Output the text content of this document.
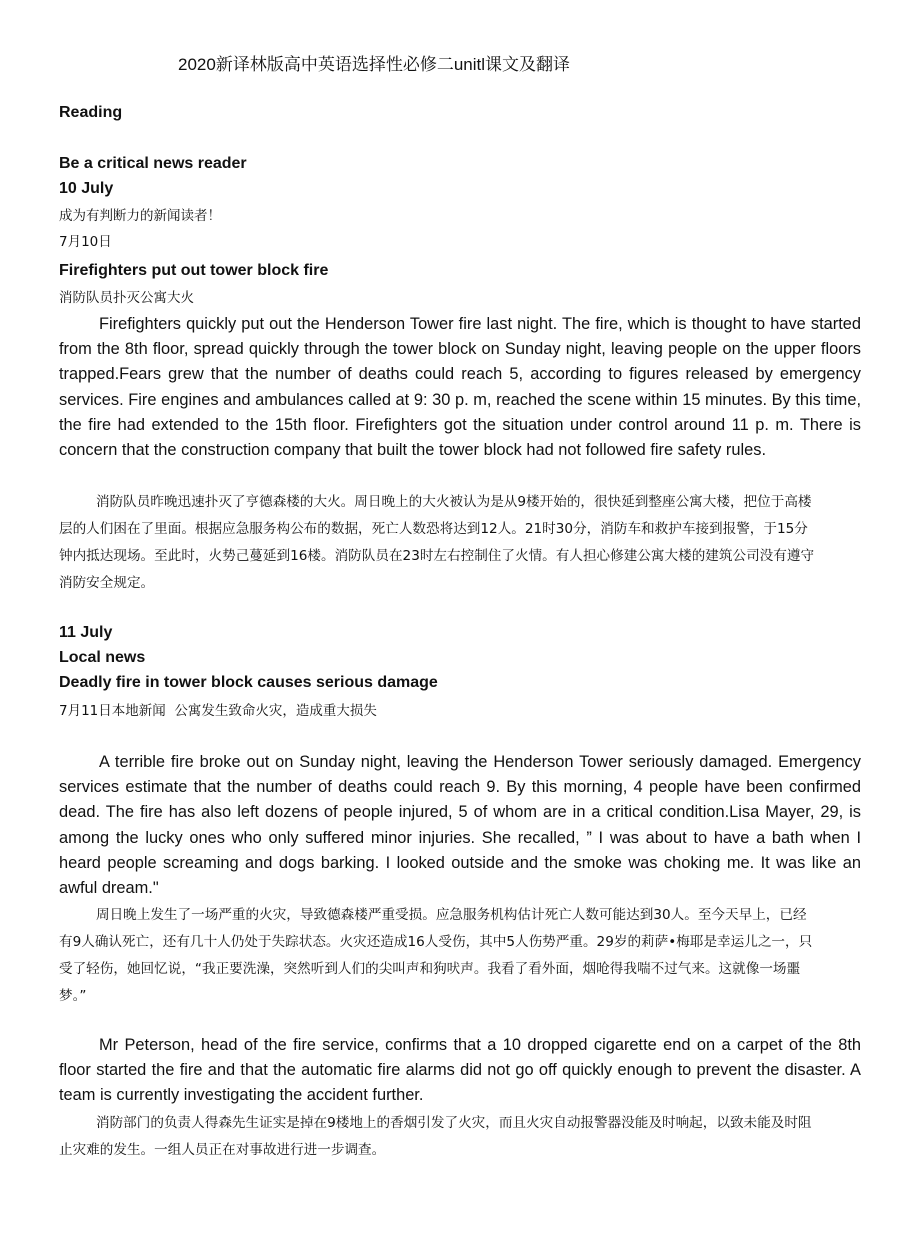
2020新译林版高中英语选择性必修二unitl课文及翻译

Reading
Be a critical news reader
10 July
成为有判断力的新闻读者！
7月10日
Firefighters put out tower block fire
消防队员扑灭公寓大火

Firefighters quickly put out the Henderson Tower fire last night. The fire, which is thought to have started from the 8th floor, spread quickly through the tower block on Sunday night, leaving people on the upper floors trapped.Fears grew that the number of deaths could reach 5, according to figures released by emergency services. Fire engines and ambulances called at 9: 30 p. m, reached the scene within 15 minutes. By this time, the fire had extended to the 15th floor. Firefighters got the situation under control around 11 p. m. There is concern that the construction company that built the tower block had not followed fire safety rules.

消防队员昨晚迅速扑灭了亨德森楼的大火。周日晚上的大火被认为是从9楼开始的，很快延到整座公寓大楼，把位于高楼层的人们困在了里面。根据应急服务构公布的数据，死亡人数恐将达到12人。21时30分，消防车和救护车接到报警，于15分钟内抵达现场。至此时，火势己蔓延到16楼。消防队员在23时左右控制住了火情。有人担心修建公寓大楼的建筑公司没有遵守消防安全规定。

11 July
Local news
Deadly fire in tower block causes serious damage
7月11日本地新闻  公寓发生致命火灾，造成重大损失

A terrible fire broke out on Sunday night, leaving the Henderson Tower seriously damaged. Emergency services estimate that the number of deaths could reach 9. By this morning, 4 people have been confirmed dead. The fire has also left dozens of people injured, 5 of whom are in a critical condition.Lisa Mayer, 29, is among the lucky ones who only suffered minor injuries. She recalled, ” I was about to have a bath when I heard people screaming and dogs barking. I looked outside and the smoke was choking me. It was like an awful dream."

周日晚上发生了一场严重的火灾，导致德森楼严重受损。应急服务机构估计死亡人数可能达到30人。至今天早上，已经有9人确认死亡，还有几十人仍处于失踪状态。火灾还造成16人受伤，其中5人伤势严重。29岁的莉萨•梅耶是幸运儿之一，只受了轻伤，她回忆说，“我正要洗澡，突然听到人们的尖叫声和狗吠声。我看了看外面，烟呛得我喘不过气来。这就像一场噩梦。”

Mr Peterson, head of the fire service, confirms that a 10 dropped cigarette end on a carpet of the 8th floor started the fire and that the automatic fire alarms did not go off quickly enough to prevent the disaster. A team is currently investigating the accident further.

消防部门的负责人得森先生证实是掉在9楼地上的香烟引发了火灾，而且火灾自动报警器没能及时响起，以致未能及时阻止灾难的发生。一组人员正在对事故进行进一步调查。
